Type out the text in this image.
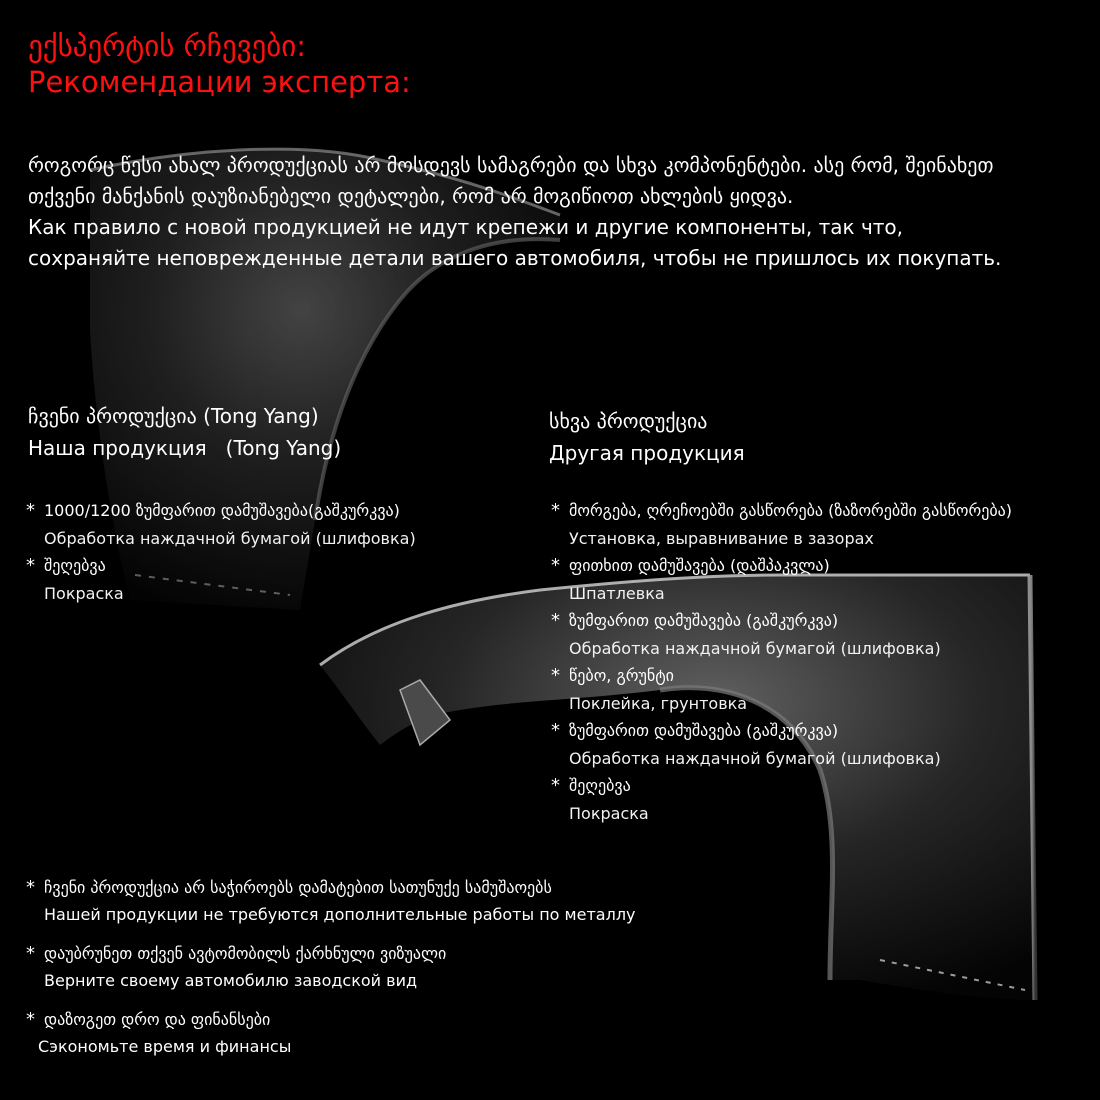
ექსპერტის რჩევები:
Рекомендации эксперта:

როგორც წესი ახალ პროდუქციას არ მოსდევს სამაგრები და სხვა კომპონენტები. ასე რომ, შეინახეთ თქვენი მანქანის დაუზიანებელი დეტალები, რომ არ მოგიწიოთ ახლების ყიდვა.

Как правило с новой продукцией не идут крепежи и другие компоненты, так что, сохраняйте неповрежденные детали вашего автомобиля, чтобы не пришлось их покупать.

ჩვენი პროდუქცია (Tong Yang)
Наша продукция   (Tong Yang)
* 1000/1200 ზუმფარით დამუშავება(გაშკურკვა)
Обработка наждачной бумагой (шлифовка)
* შეღებვა
Покраска
სხვა პროდუქცია
Другая продукция
* მორგება, ღრეჩოებში გასწორება (ზაზორებში გასწორება)
Установка, выравнивание в зазорах
* ფითხით დამუშავება (დაშპაკვლა)
Шпатлевка
* ზუმფარით დამუშავება (გაშკურკვა)
Обработка наждачной бумагой (шлифовка)
* წებო, გრუნტი
Поклейка, грунтовка
* ზუმფარით დამუშავება (გაშკურკვა)
Обработка наждачной бумагой (шлифовка)
* შეღებვა
Покраска
* ჩვენი პროდუქცია არ საჭიროებს დამატებით სათუნუქე სამუშაოებს
Нашей продукции не требуются дополнительные работы по металлу
* დაუბრუნეთ თქვენ ავტომობილს ქარხნული ვიზუალი
Верните своему автомобилю заводской вид
* დაზოგეთ დრო და ფინანსები
Сэкономьте время и финансы
